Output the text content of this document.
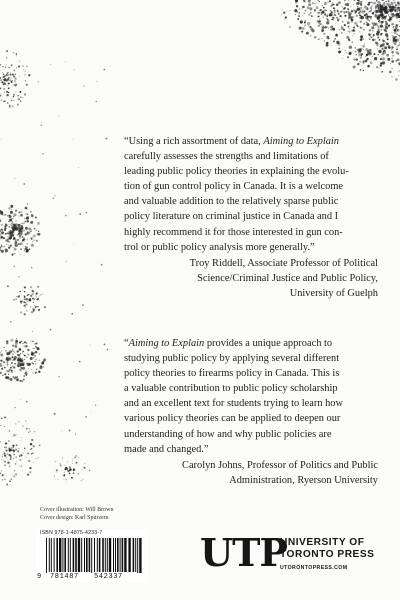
“Using a rich assortment of data, Aiming to Explain
carefully assesses the strengths and limitations of
leading public policy theories in explaining the evolu-
tion of gun control policy in Canada. It is a welcome
and valuable addition to the relatively sparse public
policy literature on criminal justice in Canada and I
highly recommend it for those interested in gun con-
trol or public policy analysis more generally.”

Troy Riddell, Associate Professor of Political
Science/Criminal Justice and Public Policy,
University of Guelph

“Aiming to Explain provides a unique approach to
studying public policy by applying several different
policy theories to firearms policy in Canada. This is
a valuable contribution to public policy scholarship
and an excellent text for students trying to learn how
various policy theories can be applied to deepen our
understanding of how and why public policies are
made and changed.”

Carolyn Johns, Professor of Politics and Public
Administration, Ryerson University

Cover illustration: Will Brown
Cover design: Karl Spurzem
ISBN 978-1-4875-4233-7
9 781487 542337
UTP
UNIVERSITY OF
TORONTO PRESS
UTORONTOPRESS.COM
